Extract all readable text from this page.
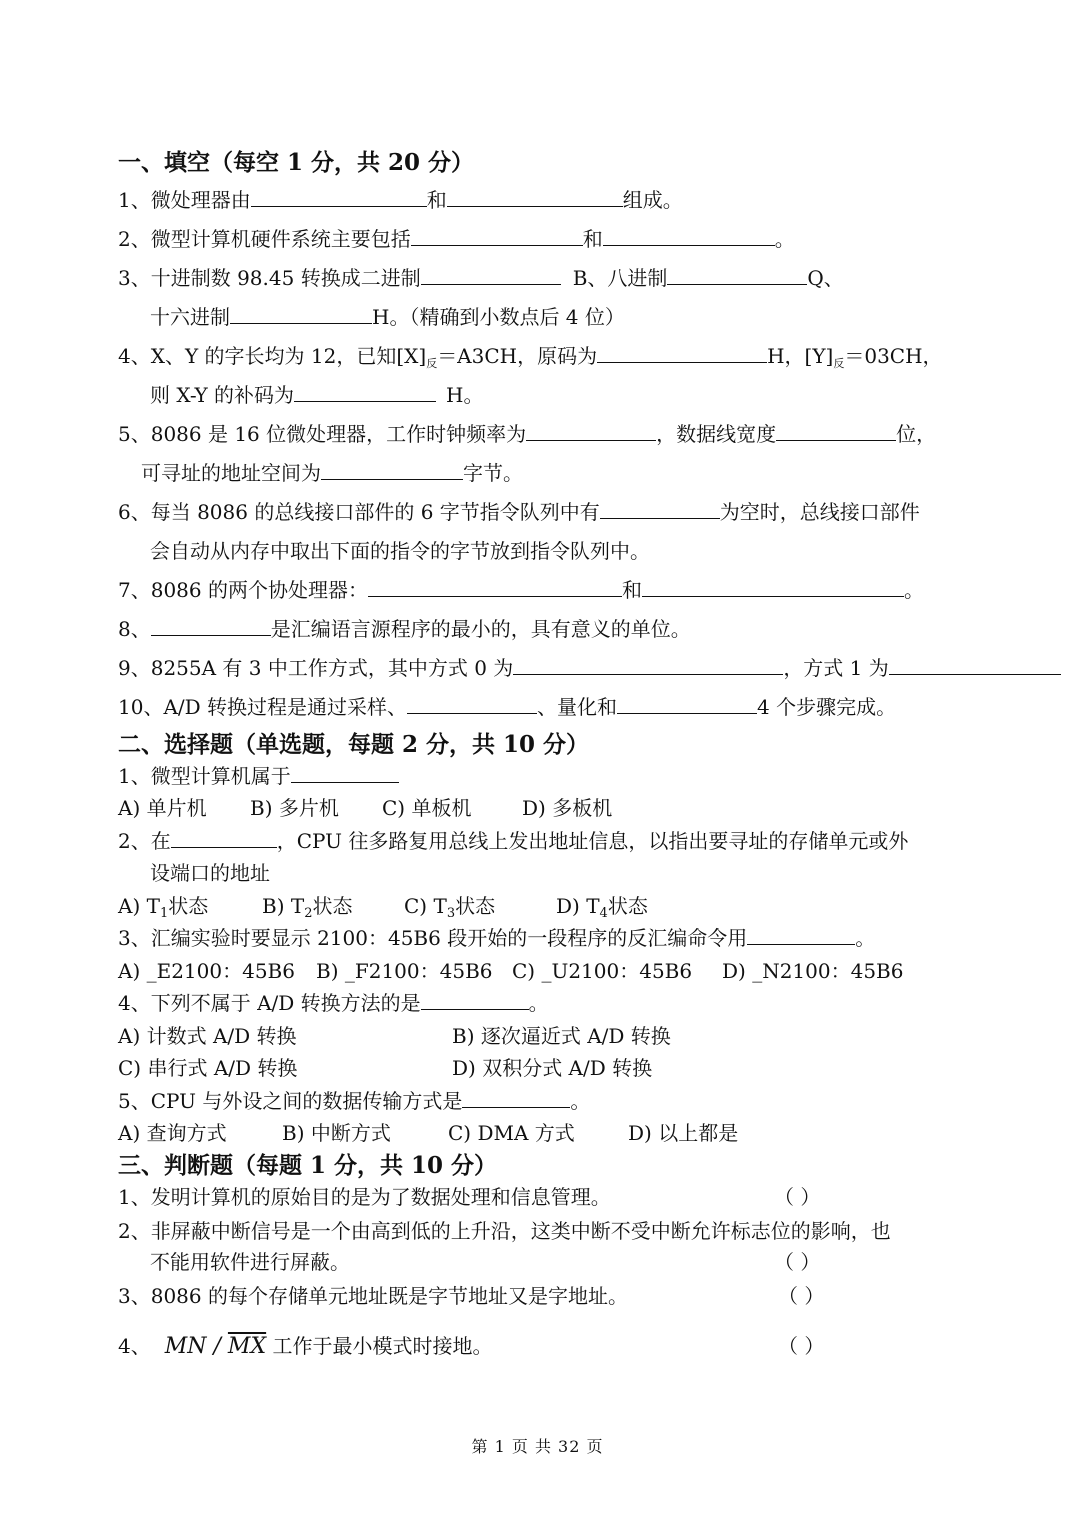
一、填空（每空 1 分，共 20 分）
1、微处理器由	和	组成。
2、微型计算机硬件系统主要包括	和	。
3、十进制数 98.45 转换成二进制	B、八进制	Q、
十六进制	H。（精确到小数点后 4 位）
4、X、Y 的字长均为 12，已知$[X]_反=A3CH$，原码为	H，$[Y]_反=03CH$，
则 X-Y 的补码为	H。
5、8086 是 16 位微处理器，工作时钟频率为	，数据线宽度	位，
可寻址的地址空间为	字节。
6、每当 8086 的总线接口部件的 6 字节指令队列中有	为空时，总线接口部件
会自动从内存中取出下面的指令的字节放到指令队列中。
7、8086 的两个协处理器：	和	。
8、	是汇编语言源程序的最小的，具有意义的单位。
9、8255A 有 3 中工作方式，其中方式 0 为	，方式 1 为
10、A/D 转换过程是通过采样、	、量化和	4 个步骤完成。
二、选择题（单选题，每题 2 分，共 10 分）
1、微型计算机属于
A) 单片机 B) 多片机 C) 单板机	D) 多板机
2、在	，CPU 往多路复用总线上发出地址信息，以指出要寻址的存储单元或外
设端口的地址
A) $T_1$状态	B) $T_2$状态	C) $T_3$状态	D) $T_4$状态
3、汇编实验时要显示 2100：45B6 段开始的一段程序的反汇编命令用	。
A) _E2100：45B6 B) _F2100：45B6 C) _U2100：45B6 D) _N2100：45B6
4、下列不属于 A/D 转换方法的是	。
A) 计数式 A/D 转换	B) 逐次逼近式 A/D 转换
C) 串行式 A/D 转换	D) 双积分式 A/D 转换
5、CPU 与外设之间的数据传输方式是	。
A) 查询方式	B) 中断方式	C) DMA 方式	D) 以上都是
三、判断题（每题 1 分，共 10 分）
1、发明计算机的原始目的是为了数据处理和信息管理。	（ ）
2、非屏蔽中断信号是一个由高到低的上升沿，这类中断不受中断允许标志位的影响，也
不能用软件进行屏蔽。	（ ）
3、8086 的每个存储单元地址既是字节地址又是字地址。	（ ）
4、 MN / $\overline{MX}$ 工作于最小模式时接地。	（ ）
第 1 页 共 32 页
